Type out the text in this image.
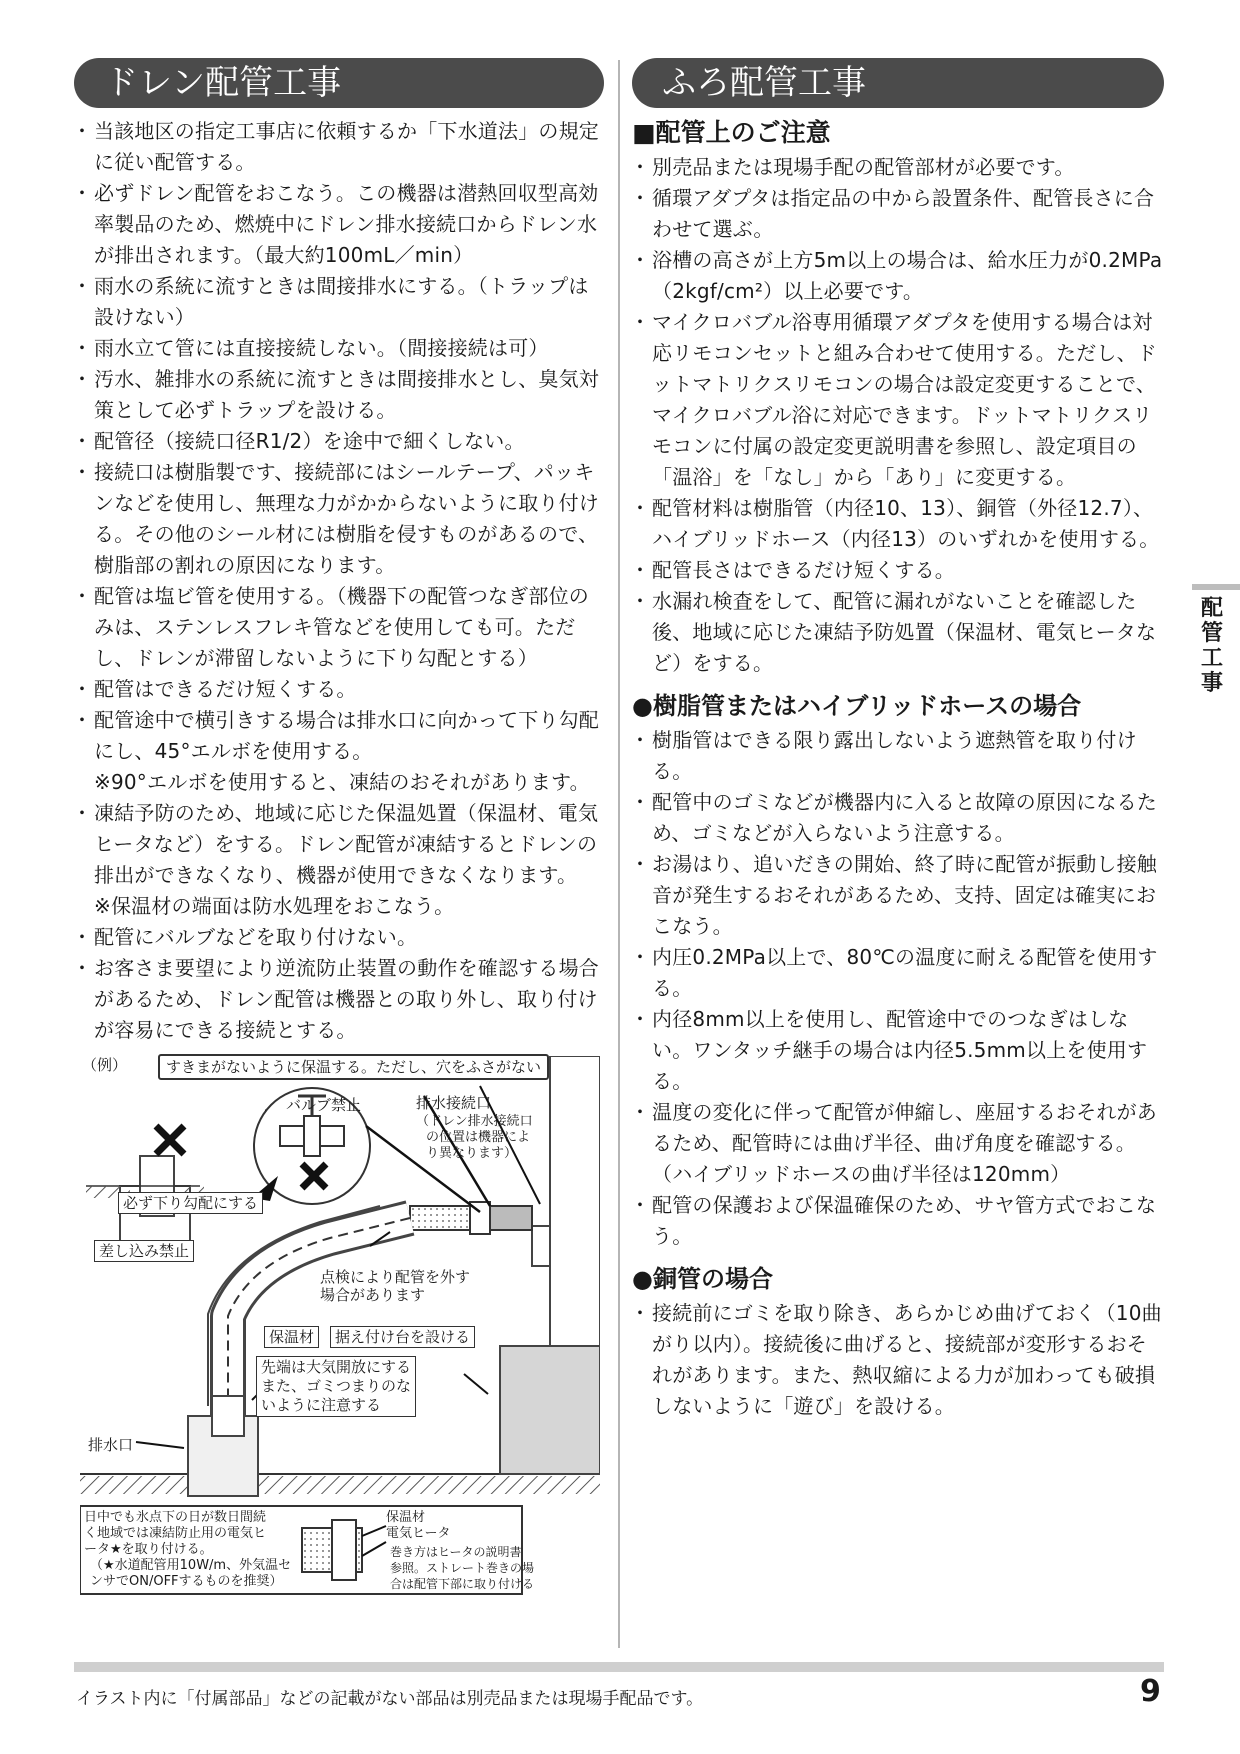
ドレン配管工事
・ 当該地区の指定工事店に依頼するか「下水道法」の規定に従い配管する。
・ 必ずドレン配管をおこなう。この機器は潜熱回収型高効率製品のため、燃焼中にドレン排水接続口からドレン水が排出されます。（最大約100mL／min）
・ 雨水の系統に流すときは間接排水にする。（トラップは設けない）
・ 雨水立て管には直接接続しない。（間接接続は可）
・ 汚水、雑排水の系統に流すときは間接排水とし、臭気対策として必ずトラップを設ける。
・ 配管径（接続口径R1/2）を途中で細くしない。
・ 接続口は樹脂製です、接続部にはシールテープ、パッキンなどを使用し、無理な力がかからないように取り付ける。その他のシール材には樹脂を侵すものがあるので、樹脂部の割れの原因になります。
・ 配管は塩ビ管を使用する。（機器下の配管つなぎ部位のみは、ステンレスフレキ管などを使用しても可。ただし、ドレンが滞留しないように下り勾配とする）
・ 配管はできるだけ短くする。
・ 配管途中で横引きする場合は排水口に向かって下り勾配にし、45°エルボを使用する。
※90°エルボを使用すると、凍結のおそれがあります。
・ 凍結予防のため、地域に応じた保温処置（保温材、電気ヒータなど）をする。ドレン配管が凍結するとドレンの排出ができなくなり、機器が使用できなくなります。
※保温材の端面は防水処理をおこなう。
・ 配管にバルブなどを取り付けない。
・ お客さま要望により逆流防止装置の動作を確認する場合があるため、ドレン配管は機器との取り外し、取り付けが容易にできる接続とする。
（例）	すきまがないように保温する。ただし、穴をふさがない
バルブ禁止	排水接続口
（ドレン排水接続口
の位置は機器によ
り異なります）
必ず下り勾配にする
差し込み禁止
点検により配管を外す
場合があります
保温材	据え付け台を設ける
先端は大気開放にする
また、ゴミつまりのな
いように注意する
排水口
日中でも氷点下の日が数日間続
く地域では凍結防止用の電気ヒ
ータ★を取り付ける。
（★水道配管用10W/m、外気温セ
ンサでON/OFFするものを推奨）
保温材
電気ヒータ
巻き方はヒータの説明書
参照。ストレート巻きの場
合は配管下部に取り付ける
ふろ配管工事
■配管上のご注意
・ 別売品または現場手配の配管部材が必要です。
・ 循環アダプタは指定品の中から設置条件、配管長さに合わせて選ぶ。
・ 浴槽の高さが上方5m以上の場合は、給水圧力が0.2MPa（2kgf/cm²）以上必要です。
・ マイクロバブル浴専用循環アダプタを使用する場合は対応リモコンセットと組み合わせて使用する。ただし、ドットマトリクスリモコンの場合は設定変更することで、マイクロバブル浴に対応できます。ドットマトリクスリモコンに付属の設定変更説明書を参照し、設定項目の「温浴」を「なし」から「あり」に変更する。
・ 配管材料は樹脂管（内径10、13）、銅管（外径12.7）、ハイブリッドホース（内径13）のいずれかを使用する。
・ 配管長さはできるだけ短くする。
・ 水漏れ検査をして、配管に漏れがないことを確認した後、地域に応じた凍結予防処置（保温材、電気ヒータなど）をする。
●樹脂管またはハイブリッドホースの場合
・ 樹脂管はできる限り露出しないよう遮熱管を取り付ける。
・ 配管中のゴミなどが機器内に入ると故障の原因になるため、ゴミなどが入らないよう注意する。
・ お湯はり、追いだきの開始、終了時に配管が振動し接触音が発生するおそれがあるため、支持、固定は確実におこなう。
・ 内圧0.2MPa以上で、80℃の温度に耐える配管を使用する。
・ 内径8mm以上を使用し、配管途中でのつなぎはしない。ワンタッチ継手の場合は内径5.5mm以上を使用する。
・ 温度の変化に伴って配管が伸縮し、座屈するおそれがあるため、配管時には曲げ半径、曲げ角度を確認する。（ハイブリッドホースの曲げ半径は120mm）
・ 配管の保護および保温確保のため、サヤ管方式でおこなう。
●銅管の場合
・ 接続前にゴミを取り除き、あらかじめ曲げておく（10曲がり以内）。接続後に曲げると、接続部が変形するおそれがあります。また、熱収縮による力が加わっても破損しないように「遊び」を設ける。
配管工事
イラスト内に「付属部品」などの記載がない部品は別売品または現場手配品です。	9
